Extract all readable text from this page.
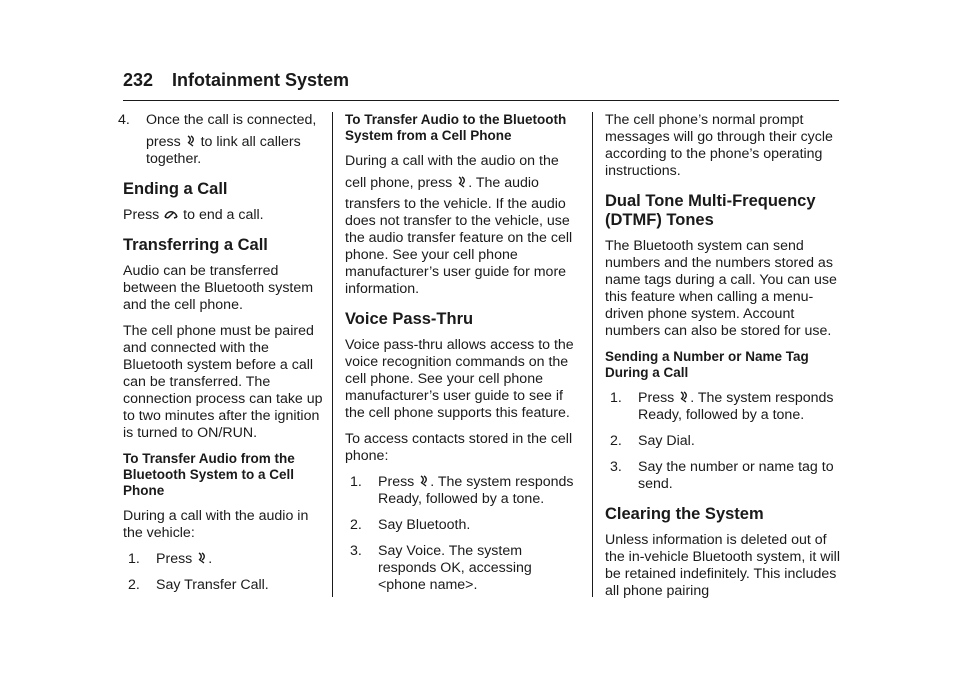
232 Infotainment System
4. Once the call is connected,
press to link all callers
together.
Ending a Call

Press to end a call.

Transferring a Call

Audio can be transferred between the Bluetooth system and the cell phone.

The cell phone must be paired and connected with the Bluetooth system before a call can be transferred. The connection process can take up to two minutes after the ignition is turned to ON/RUN.

To Transfer Audio from the Bluetooth System to a Cell Phone

During a call with the audio in the vehicle:

1. Press .
2. Say Transfer Call.
To Transfer Audio to the Bluetooth System from a Cell Phone
During a call with the audio on the
cell phone, press . The audio

transfers to the vehicle. If the audio does not transfer to the vehicle, use the audio transfer feature on the cell phone. See your cell phone manufacturer’s user guide for more information.

Voice Pass-Thru

Voice pass-thru allows access to the voice recognition commands on the cell phone. See your cell phone manufacturer’s user guide to see if the cell phone supports this feature.

To access contacts stored in the cell phone:

1. Press . The system responds
Ready, followed by a tone.
2. Say Bluetooth.
3. Say Voice. The system responds OK, accessing <phone name>.

The cell phone’s normal prompt messages will go through their cycle according to the phone’s operating instructions.

Dual Tone Multi-Frequency (DTMF) Tones

The Bluetooth system can send numbers and the numbers stored as name tags during a call. You can use this feature when calling a menu-driven phone system. Account numbers can also be stored for use.

Sending a Number or Name Tag During a Call
1. Press . The system responds
Ready, followed by a tone.
2. Say Dial.
3. Say the number or name tag to send.
Clearing the System

Unless information is deleted out of the in-vehicle Bluetooth system, it will be retained indefinitely. This includes all phone pairing
